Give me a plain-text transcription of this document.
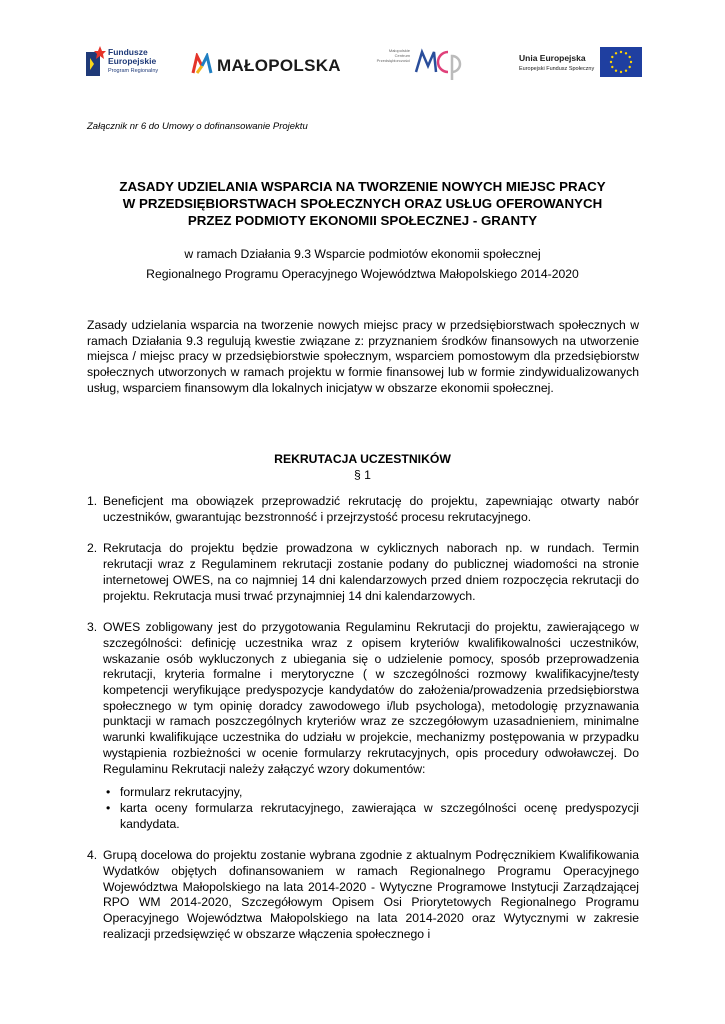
Fundusze
Europejskie
Program Regionalny	MAŁOPOLSKA
Małopolskie
Centrum
Przedsiębiorczości	Unia Europejska
Europejski Fundusz Społeczny
Załącznik nr 6 do Umowy o dofinansowanie Projektu
ZASADY UDZIELANIA WSPARCIA NA TWORZENIE NOWYCH MIEJSC PRACY
W PRZEDSIĘBIORSTWACH SPOŁECZNYCH ORAZ USŁUG OFEROWANYCH
PRZEZ PODMIOTY EKONOMII SPOŁECZNEJ - GRANTY
w ramach Działania 9.3 Wsparcie podmiotów ekonomii społecznej
Regionalnego Programu Operacyjnego Województwa Małopolskiego 2014-2020
Zasady udzielania wsparcia na tworzenie nowych miejsc pracy w przedsiębiorstwach społecznych w ramach Działania 9.3 regulują kwestie związane z: przyznaniem środków finansowych na utworzenie miejsca / miejsc pracy w przedsiębiorstwie społecznym, wsparciem pomostowym dla przedsiębiorstw społecznych utworzonych w ramach projektu w formie finansowej lub w formie zindywidualizowanych usług, wsparciem finansowym dla lokalnych inicjatyw w obszarze ekonomii społecznej.
REKRUTACJA UCZESTNIKÓW
§ 1
1. Beneficjent ma obowiązek przeprowadzić rekrutację do projektu, zapewniając otwarty nabór uczestników, gwarantując bezstronność i przejrzystość procesu rekrutacyjnego.
2. Rekrutacja do projektu będzie prowadzona w cyklicznych naborach np. w rundach. Termin rekrutacji wraz z Regulaminem rekrutacji zostanie podany do publicznej wiadomości na stronie internetowej OWES, na co najmniej 14 dni kalendarzowych przed dniem rozpoczęcia rekrutacji do projektu. Rekrutacja musi trwać przynajmniej 14 dni kalendarzowych.
3. OWES zobligowany jest do przygotowania Regulaminu Rekrutacji do projektu, zawierającego w szczególności: definicję uczestnika wraz z opisem kryteriów kwalifikowalności uczestników, wskazanie osób wykluczonych z ubiegania się o udzielenie pomocy, sposób przeprowadzenia rekrutacji, kryteria formalne i merytoryczne ( w szczególności rozmowy kwalifikacyjne/testy kompetencji weryfikujące predyspozycje kandydatów do założenia/prowadzenia przedsiębiorstwa społecznego w tym opinię doradcy zawodowego i/lub psychologa), metodologię przyznawania punktacji w ramach poszczególnych kryteriów wraz ze szczegółowym uzasadnieniem, minimalne warunki kwalifikujące uczestnika do udziału w projekcie, mechanizmy postępowania w przypadku wystąpienia rozbieżności w ocenie formularzy rekrutacyjnych, opis procedury odwoławczej. Do Regulaminu Rekrutacji należy załączyć wzory dokumentów:
• formularz rekrutacyjny,
• karta oceny formularza rekrutacyjnego, zawierająca w szczególności ocenę predyspozycji kandydata.
4. Grupą docelowa do projektu zostanie wybrana zgodnie z aktualnym Podręcznikiem Kwalifikowania Wydatków objętych dofinansowaniem w ramach Regionalnego Programu Operacyjnego Województwa Małopolskiego na lata 2014-2020 - Wytyczne Programowe Instytucji Zarządzającej RPO WM 2014-2020, Szczegółowym Opisem Osi Priorytetowych Regionalnego Programu Operacyjnego Województwa Małopolskiego na lata 2014-2020 oraz Wytycznymi w zakresie realizacji przedsięwzięć w obszarze włączenia społecznego i
